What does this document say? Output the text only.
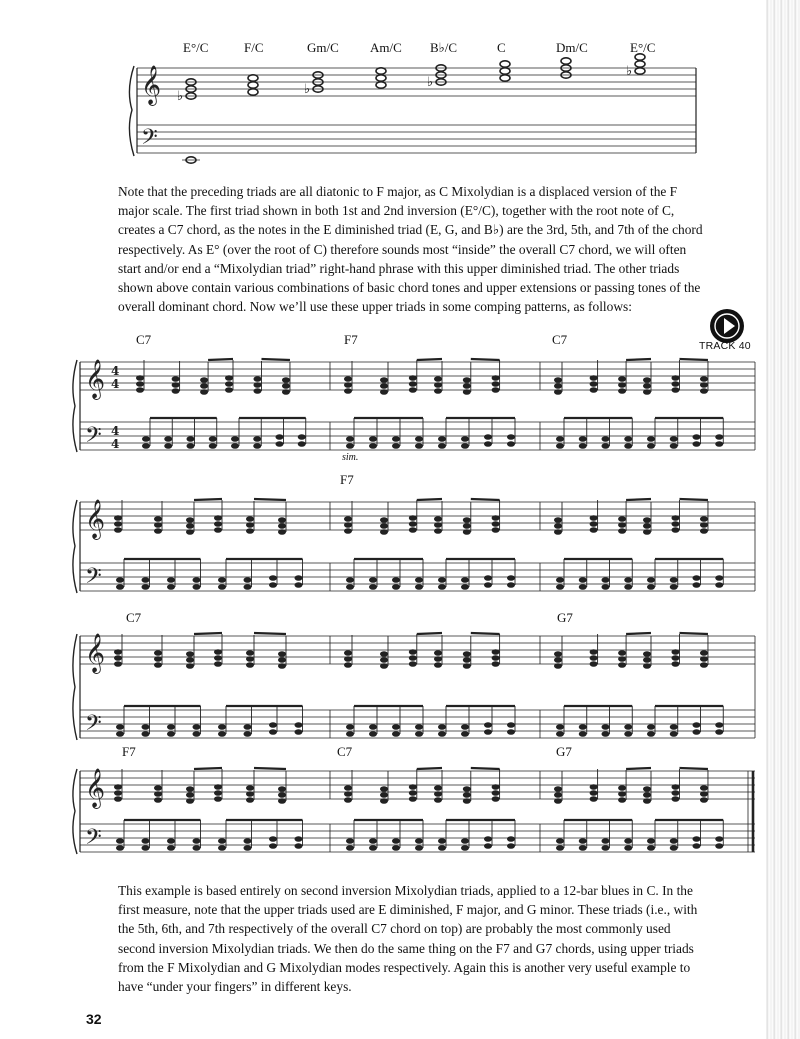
E°/C	F/C	Gm/C Am/C B♭/C	C	Dm/C	E°/C
𝄞
𝄢
♭	♭	♭
♭
𝄞
𝄢
𝄞
𝄢
𝄞
𝄢
𝄞
𝄢
4
4
4
4

Note that the preceding triads are all diatonic to F major, as C Mixolydian is a displaced version of the F major scale. The first triad shown in both 1st and 2nd inversion (E°/C), together with the root note of C, creates a C7 chord, as the notes in the E diminished triad (E, G, and B♭) are the 3rd, 5th, and 7th of the chord respectively. As E° (over the root of C) therefore sounds most “inside” the overall C7 chord, we will often start and/or end a “Mixolydian triad” right-hand phrase with this upper diminished triad. The other triads shown above contain various combinations of basic chord tones and upper extensions or passing tones of the overall dominant chord. Now we’ll use these upper triads in some comping patterns, as follows:

TRACK 40
C7	F7	C7
F7
C7	G7
F7	C7	G7
sim.

This example is based entirely on second inversion Mixolydian triads, applied to a 12-bar blues in C. In the first measure, note that the upper triads used are E diminished, F major, and G minor. These triads (i.e., with the 5th, 6th, and 7th respectively of the overall C7 chord on top) are probably the most commonly used second inversion Mixolydian triads. We then do the same thing on the F7 and G7 chords, using upper triads from the F Mixolydian and G Mixolydian modes respectively. Again this is another very useful example to have “under your fingers” in different keys.

32
